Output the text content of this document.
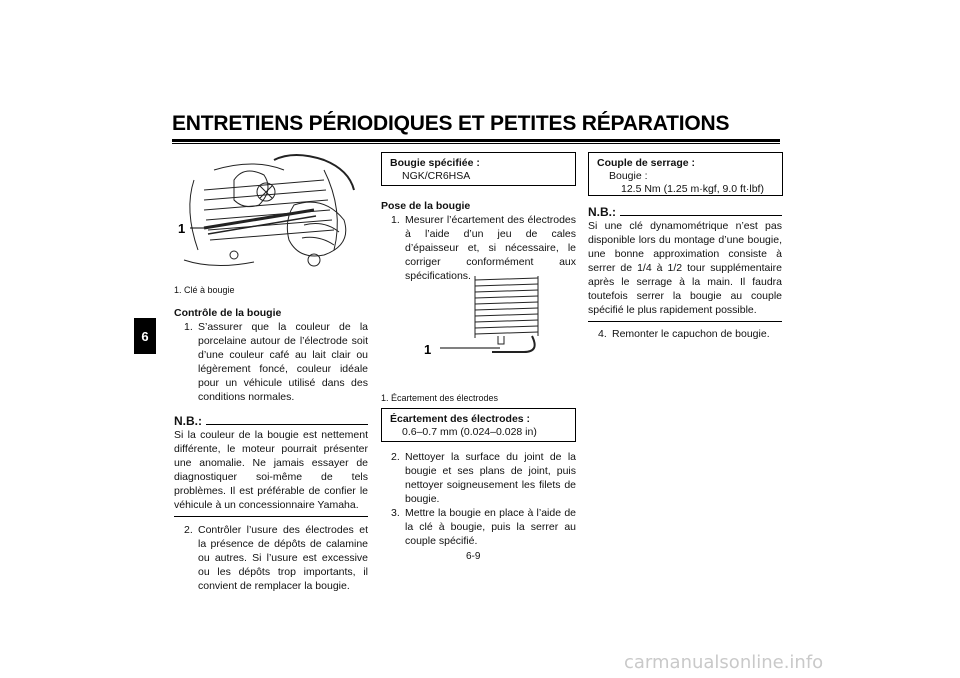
ENTRETIENS PÉRIODIQUES ET PETITES RÉPARATIONS
6
1
1. Clé à bougie
Contrôle de la bougie
1. S’assurer que la couleur de la porcelaine autour de l’électrode soit d’une couleur café au lait clair ou légèrement foncé, couleur idéale pour un véhicule utilisé dans des conditions normales.
N.B.:
Si la couleur de la bougie est nettement différente, le moteur pourrait présenter une anomalie. Ne jamais essayer de diagnostiquer soi-même de tels problèmes. Il est préférable de confier le véhicule à un concessionnaire Yamaha.
2. Contrôler l’usure des électrodes et la présence de dépôts de calamine ou autres. Si l’usure est excessive ou les dépôts trop importants, il convient de remplacer la bougie.
Bougie spécifiée :
NGK/CR6HSA
Pose de la bougie
1. Mesurer l’écartement des électrodes à l’aide d’un jeu de cales d’épaisseur et, si nécessaire, le corriger conformément aux spécifications.
1
1. Écartement des électrodes
Écartement des électrodes :
0.6–0.7 mm (0.024–0.028 in)
2. Nettoyer la surface du joint de la bougie et ses plans de joint, puis nettoyer soigneusement les filets de bougie.
3. Mettre la bougie en place à l’aide de la clé à bougie, puis la serrer au couple spécifié.
Couple de serrage :
Bougie :
12.5 Nm (1.25 m·kgf, 9.0 ft·lbf)
N.B.:
Si une clé dynamométrique n’est pas disponible lors du montage d’une bougie, une bonne approximation consiste à serrer de 1/4 à 1/2 tour supplémentaire après le serrage à la main. Il faudra toutefois serrer la bougie au couple spécifié le plus rapidement possible.
4. Remonter le capuchon de bougie.
6-9
carmanualsonline.info
